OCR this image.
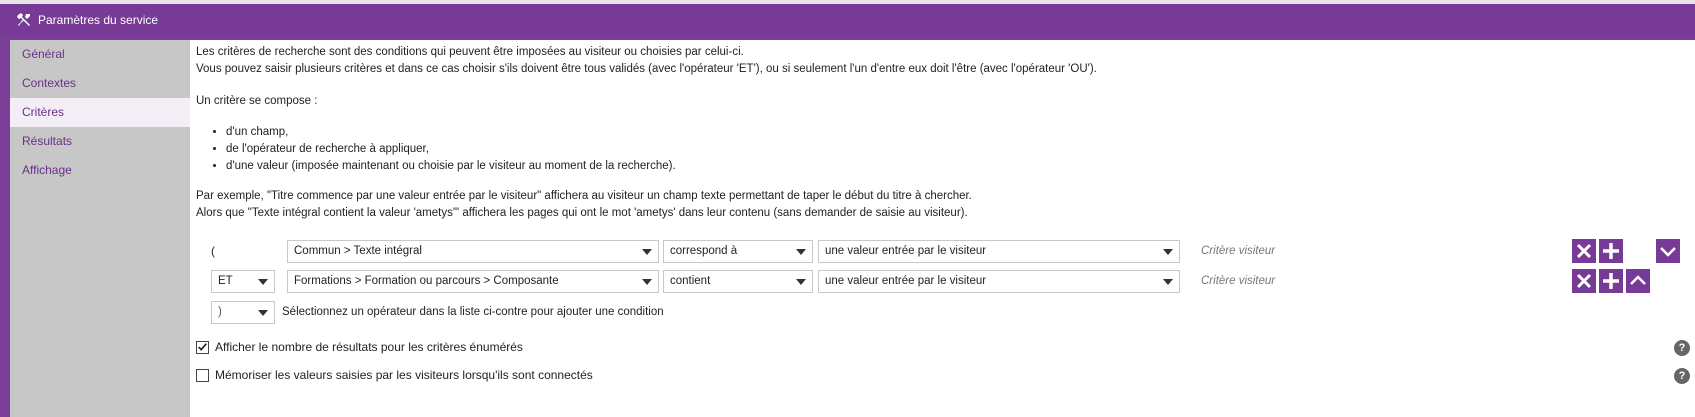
Paramètres du service
Général
Contextes
Critères
Résultats
Affichage
Les critères de recherche sont des conditions qui peuvent être imposées au visiteur ou choisies par celui-ci.
Vous pouvez saisir plusieurs critères et dans ce cas choisir s'ils doivent être tous validés (avec l'opérateur 'ET'), ou si seulement l'un d'entre eux doit l'être (avec l'opérateur 'OU').
Un critère se compose :
• d'un champ,
• de l'opérateur de recherche à appliquer,
• d'une valeur (imposée maintenant ou choisie par le visiteur au moment de la recherche).
Par exemple, "Titre commence par une valeur entrée par le visiteur" affichera au visiteur un champ texte permettant de taper le début du titre à chercher.
Alors que "Texte intégral contient la valeur 'ametys'" affichera les pages qui ont le mot 'ametys' dans leur contenu (sans demander de saisie au visiteur).
(	Commun > Texte intégral	correspond à	une valeur entrée par le visiteur	Critère visiteur
ET	Formations > Formation ou parcours > Composante	contient	une valeur entrée par le visiteur	Critère visiteur
)	Sélectionnez un opérateur dans la liste ci-contre pour ajouter une condition
Afficher le nombre de résultats pour les critères énumérés	?
Mémoriser les valeurs saisies par les visiteurs lorsqu'ils sont connectés	?
